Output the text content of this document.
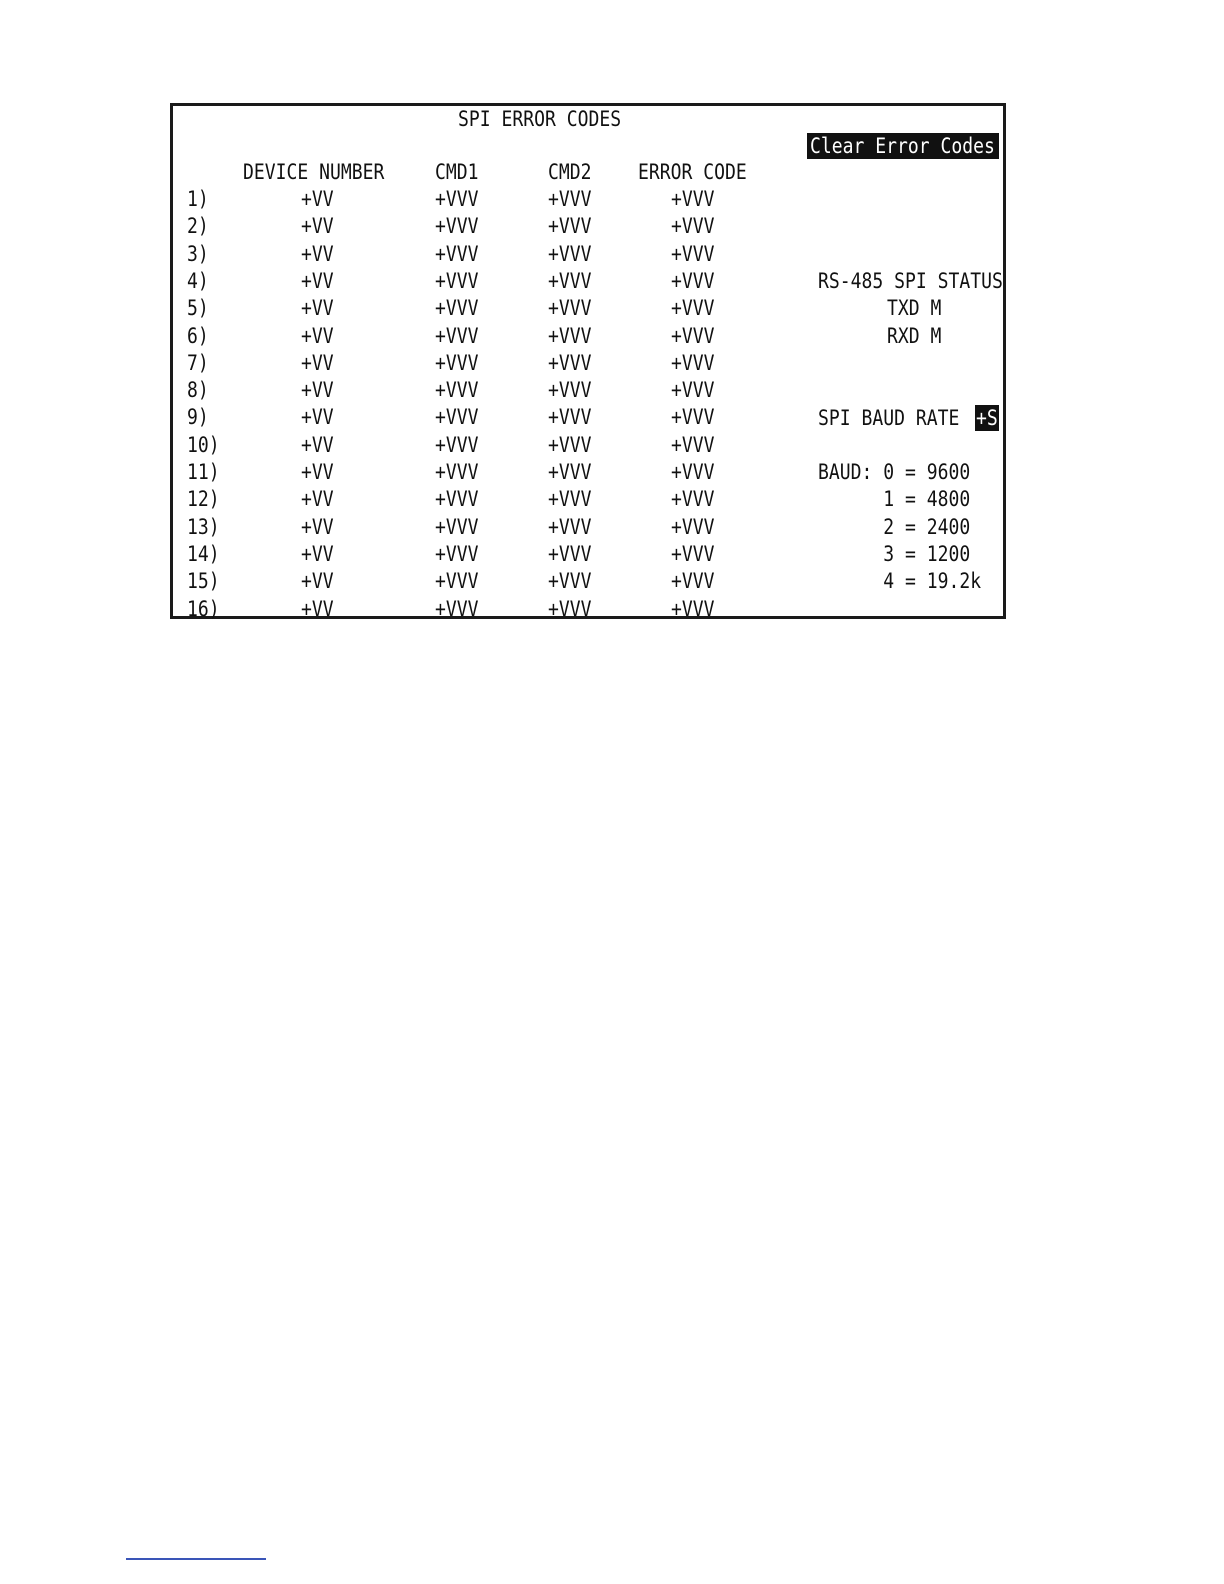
SPI ERROR CODES
Clear Error Codes
DEVICE NUMBER CMD1	CMD2 ERROR CODE
1)	+VV	+VVV	+VVV	+VVV
2)	+VV	+VVV	+VVV	+VVV
3)	+VV	+VVV	+VVV	+VVV
4)	+VV	+VVV	+VVV	+VVV
5)	+VV	+VVV	+VVV	+VVV
6)	+VV	+VVV	+VVV	+VVV
7)	+VV	+VVV	+VVV	+VVV
8)	+VV	+VVV	+VVV	+VVV
9)	+VV	+VVV	+VVV	+VVV
10)	+VV	+VVV	+VVV	+VVV
11)	+VV	+VVV	+VVV	+VVV
12)	+VV	+VVV	+VVV	+VVV
13)	+VV	+VVV	+VVV	+VVV
14)	+VV	+VVV	+VVV	+VVV
15)	+VV	+VVV	+VVV	+VVV
16)	+VV	+VVV	+VVV	+VVV
RS-485 SPI STATUS
TXD M
RXD M
SPI BAUD RATE +S
BAUD: 0 = 9600
1 = 4800
2 = 2400
3 = 1200
4 = 19.2k
